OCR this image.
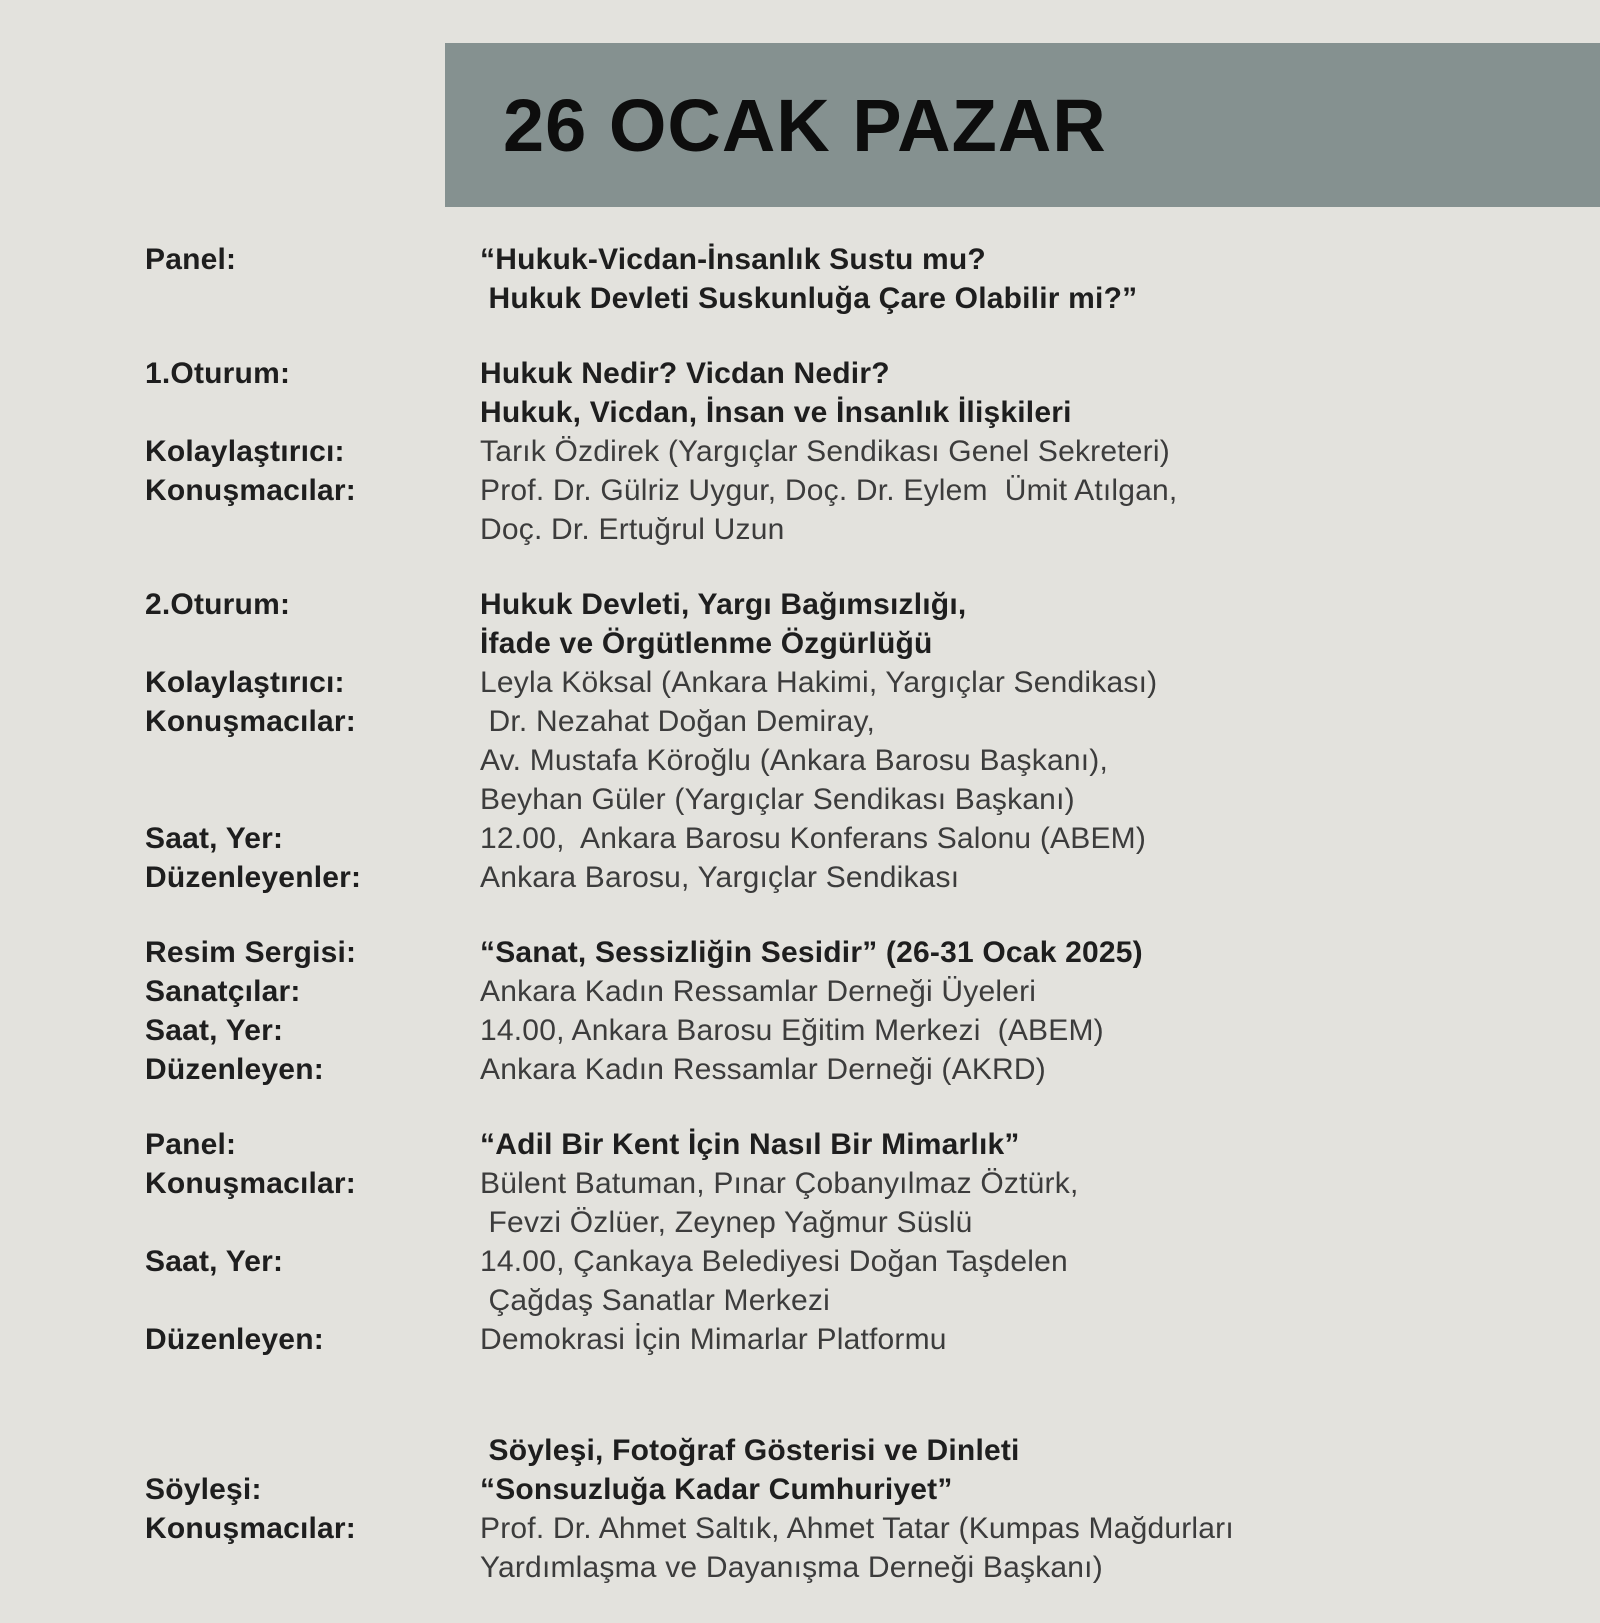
26 OCAK PAZAR
Panel:	“Hukuk-Vicdan-İnsanlık Sustu mu?
Hukuk Devleti Suskunluğa Çare Olabilir mi?”
1.Oturum:	Hukuk Nedir? Vicdan Nedir?
Hukuk, Vicdan, İnsan ve İnsanlık İlişkileri
Kolaylaştırıcı:	Tarık Özdirek (Yargıçlar Sendikası Genel Sekreteri)
Konuşmacılar:	Prof. Dr. Gülriz Uygur, Doç. Dr. Eylem  Ümit Atılgan,
Doç. Dr. Ertuğrul Uzun
2.Oturum:	Hukuk Devleti, Yargı Bağımsızlığı,
İfade ve Örgütlenme Özgürlüğü
Kolaylaştırıcı:	Leyla Köksal (Ankara Hakimi, Yargıçlar Sendikası)
Konuşmacılar:	Dr. Nezahat Doğan Demiray,
Av. Mustafa Köroğlu (Ankara Barosu Başkanı),
Beyhan Güler (Yargıçlar Sendikası Başkanı)
Saat, Yer:	12.00,  Ankara Barosu Konferans Salonu (ABEM)
Düzenleyenler:	Ankara Barosu, Yargıçlar Sendikası
Resim Sergisi:	“Sanat, Sessizliğin Sesidir” (26-31 Ocak 2025)
Sanatçılar:	Ankara Kadın Ressamlar Derneği Üyeleri
Saat, Yer:	14.00, Ankara Barosu Eğitim Merkezi  (ABEM)
Düzenleyen:	Ankara Kadın Ressamlar Derneği (AKRD)
Panel:	“Adil Bir Kent İçin Nasıl Bir Mimarlık”
Konuşmacılar:	Bülent Batuman, Pınar Çobanyılmaz Öztürk,
Fevzi Özlüer, Zeynep Yağmur Süslü
Saat, Yer:	14.00, Çankaya Belediyesi Doğan Taşdelen
Çağdaş Sanatlar Merkezi
Düzenleyen:	Demokrasi İçin Mimarlar Platformu
Söyleşi, Fotoğraf Gösterisi ve Dinleti
Söyleşi:	“Sonsuzluğa Kadar Cumhuriyet”
Konuşmacılar:	Prof. Dr. Ahmet Saltık, Ahmet Tatar (Kumpas Mağdurları
Yardımlaşma ve Dayanışma Derneği Başkanı)
